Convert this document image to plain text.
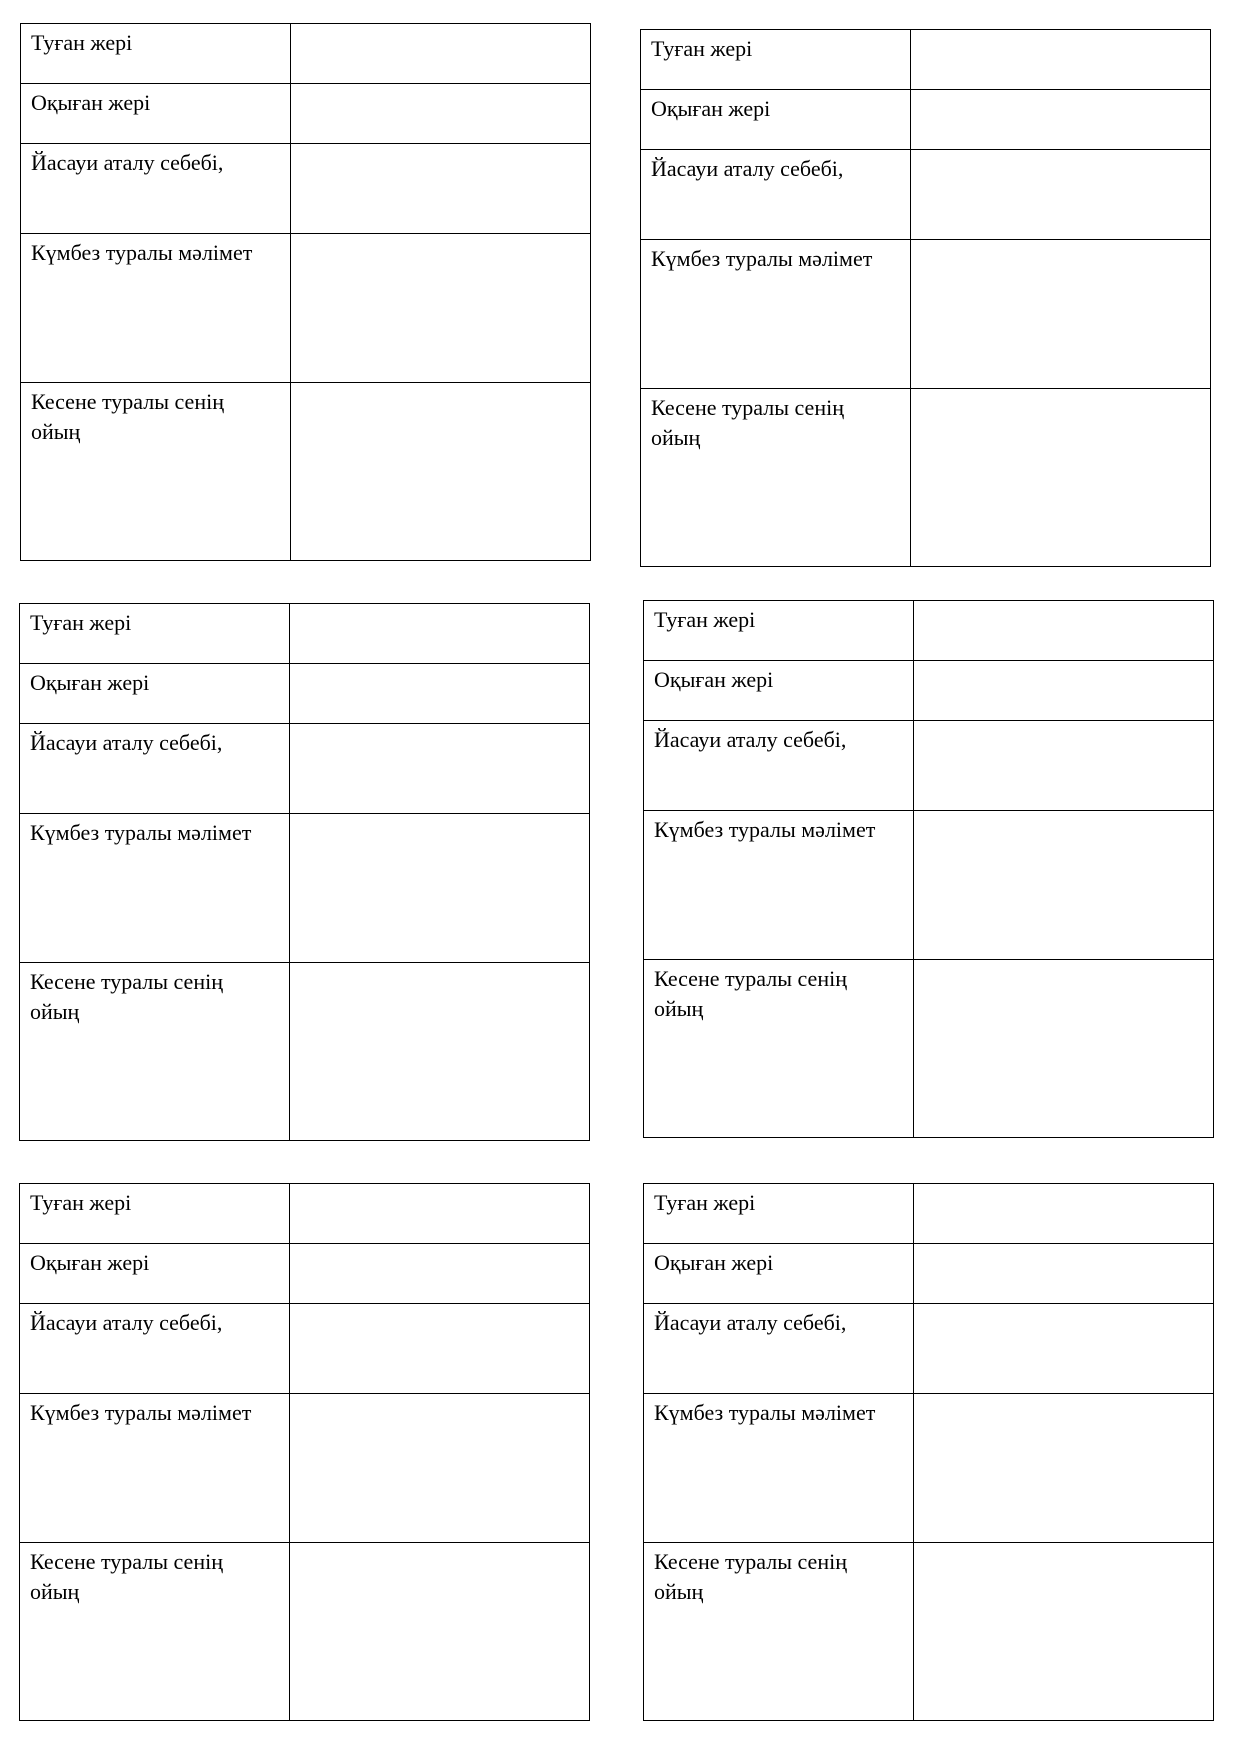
Туған жері	

Оқыған жері	

Йасауи аталу себебі,	

Күмбез туралы мәлімет	

Кесене туралы сенің ойың	

Туған жері	

Оқыған жері	

Йасауи аталу себебі,	

Күмбез туралы мәлімет	

Кесене туралы сенің ойың	

Туған жері	

Оқыған жері	

Йасауи аталу себебі,	

Күмбез туралы мәлімет	

Кесене туралы сенің ойың	

Туған жері	

Оқыған жері	

Йасауи аталу себебі,	

Күмбез туралы мәлімет	

Кесене туралы сенің ойың	

Туған жері	

Оқыған жері	

Йасауи аталу себебі,	

Күмбез туралы мәлімет	

Кесене туралы сенің ойың	

Туған жері	

Оқыған жері	

Йасауи аталу себебі,	

Күмбез туралы мәлімет	

Кесене туралы сенің ойың	
